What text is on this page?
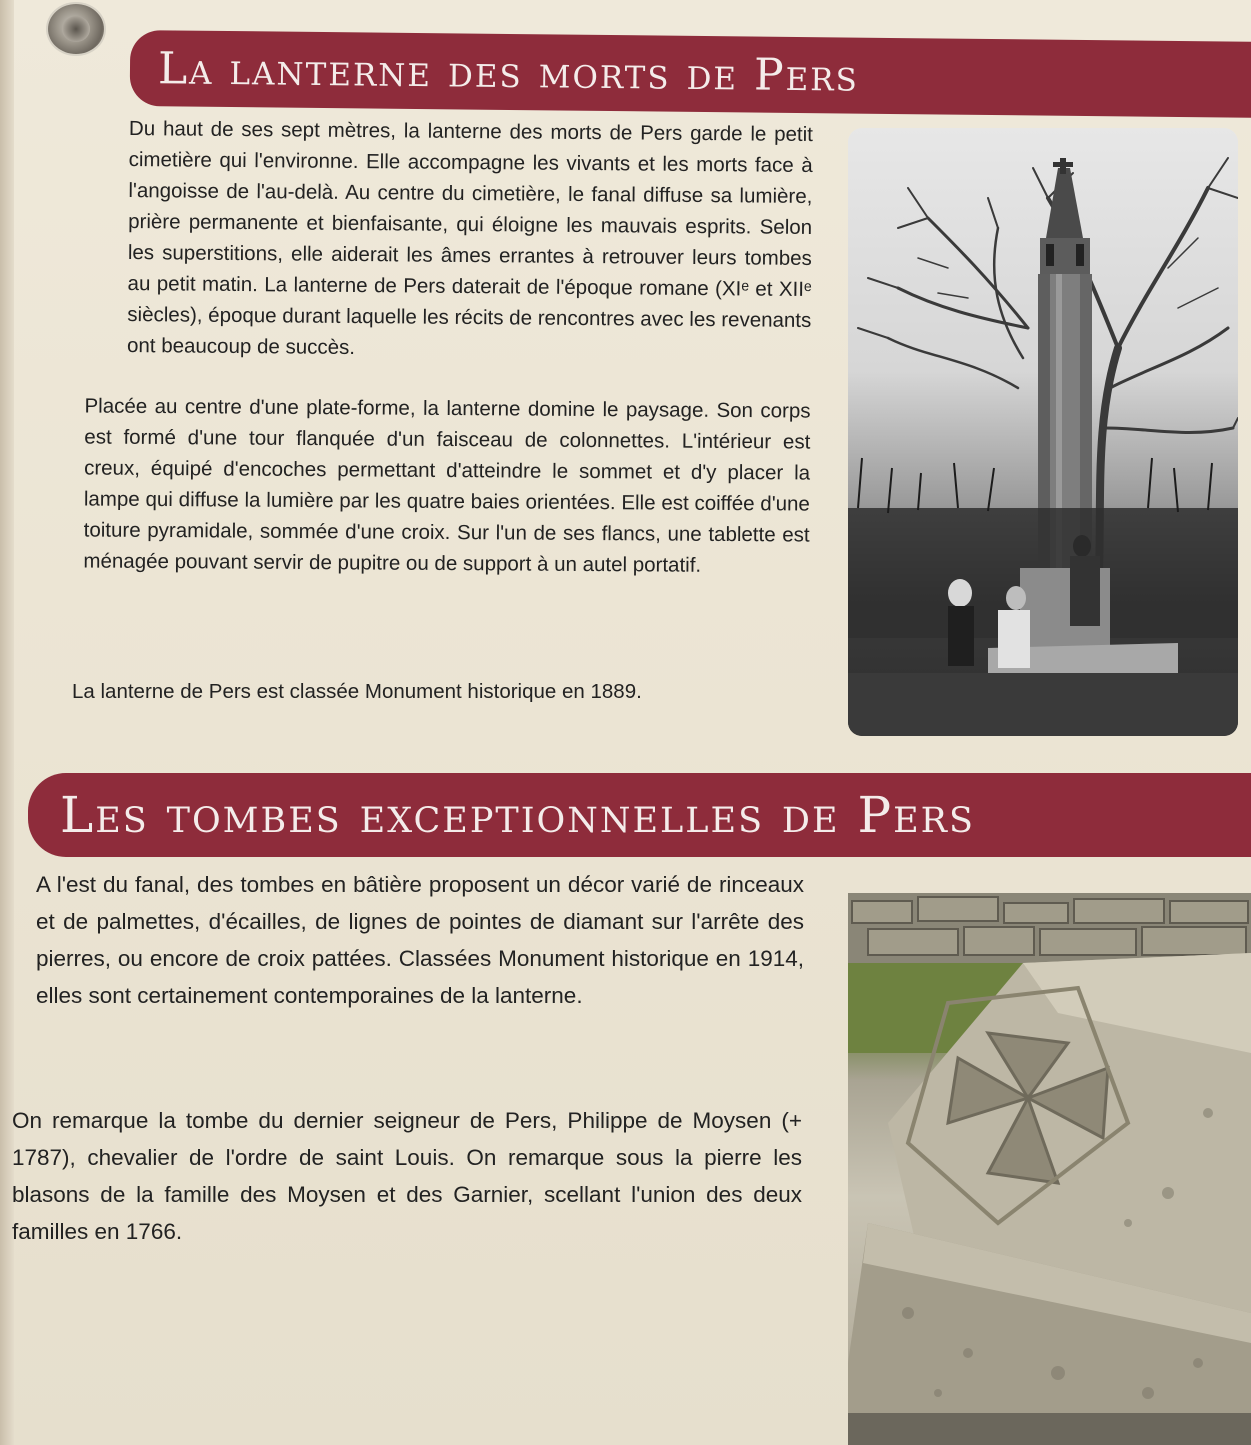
La lanterne des morts de Pers

Du haut de ses sept mètres, la lanterne des morts de Pers garde le petit cimetière qui l'environne. Elle accompagne les vivants et les morts face à l'angoisse de l'au-delà. Au centre du cimetière, le fanal diffuse sa lumière, prière permanente et bienfaisante, qui éloigne les mauvais esprits. Selon les superstitions, elle aiderait les âmes errantes à retrouver leurs tombes au petit matin. La lanterne de Pers daterait de l'époque romane (XIᵉ et XIIᵉ siècles), époque durant laquelle les récits de rencontres avec les revenants ont beaucoup de succès.

Placée au centre d'une plate-forme, la lanterne domine le paysage. Son corps est formé d'une tour flanquée d'un faisceau de colonnettes. L'intérieur est creux, équipé d'encoches permettant d'atteindre le sommet et d'y placer la lampe qui diffuse la lumière par les quatre baies orientées. Elle est coiffée d'une toiture pyramidale, sommée d'une croix. Sur l'un de ses flancs, une tablette est ménagée pouvant servir de pupitre ou de support à un autel portatif.

La lanterne de Pers est classée Monument historique en 1889.

Les tombes exceptionnelles de Pers

A l'est du fanal, des tombes en bâtière proposent un décor varié de rinceaux et de palmettes, d'écailles, de lignes de pointes de diamant sur l'arrête des pierres, ou encore de croix pattées. Classées Monument historique en 1914, elles sont certainement contemporaines de la lanterne.

On remarque la tombe du dernier seigneur de Pers, Philippe de Moysen (+ 1787), chevalier de l'ordre de saint Louis. On remarque sous la pierre les blasons de la famille des Moysen et des Garnier, scellant l'union des deux familles en 1766.
